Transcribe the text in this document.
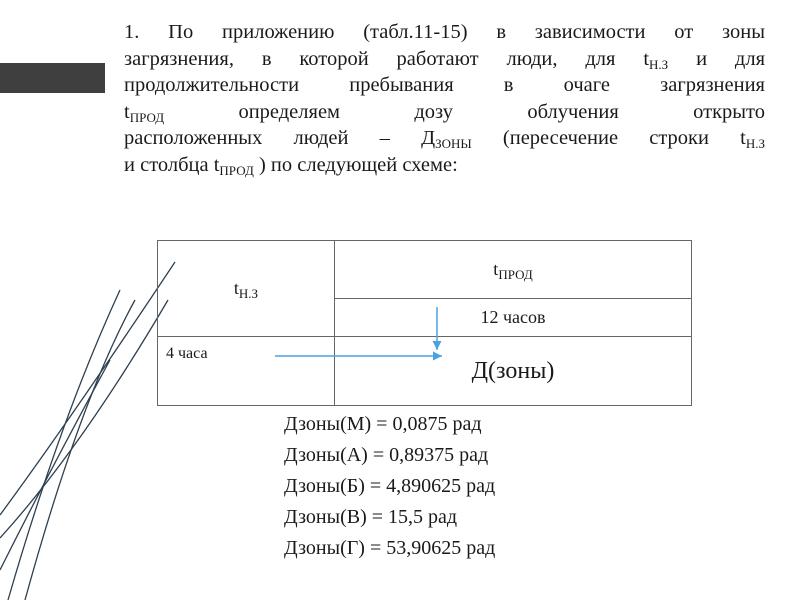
1. По приложению (табл.11-15) в зависимости от зоны
загрязнения, в которой работают люди, для $t_{Н.З}$ и для
продолжительности пребывания в очаге загрязнения
$t_{ПРОД}$ определяем дозу облучения открыто
расположенных людей – $Д_{ЗОНЫ}$ (пересечение строки $t_{Н.З}$
и столбца $t_{ПРОД}$ ) по следующей схеме:
$t_{Н.З}$	$t_{ПРОД}$
	12 часов
4 часа	Д(зоны)
Дзоны(М) = 0,0875 рад
Дзоны(А) = 0,89375 рад
Дзоны(Б) = 4,890625 рад
Дзоны(В) = 15,5 рад
Дзоны(Г) = 53,90625 рад
